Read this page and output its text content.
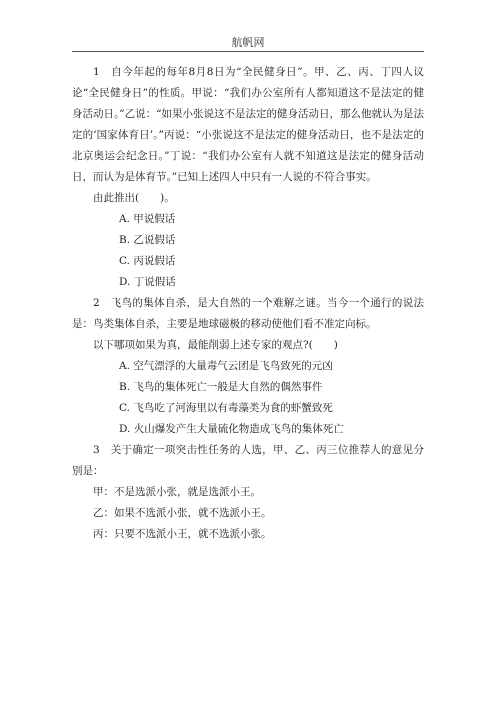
航帆网

1　自今年起的每年8月8日为“全民健身日”。甲、乙、丙、丁四人议论“全民健身日”的性质。甲说：“我们办公室所有人都知道这不是法定的健身活动日。”乙说：“如果小张说这不是法定的健身活动日，那么他就认为是法定的‘国家体育日’。”丙说：“小张说这不是法定的健身活动日，也不是法定的北京奥运会纪念日。”丁说：“我们办公室有人就不知道这是法定的健身活动日，而认为是体育节。”已知上述四人中只有一人说的不符合事实。

由此推出(　　)。

A. 甲说假话

B. 乙说假话

C. 丙说假话

D. 丁说假话

2　飞鸟的集体自杀，是大自然的一个难解之谜。当今一个通行的说法是：鸟类集体自杀，主要是地球磁极的移动使他们看不准定向标。

以下哪项如果为真，最能削弱上述专家的观点?(　　)

A. 空气漂浮的大量毒气云团是飞鸟致死的元凶

B. 飞鸟的集体死亡一般是大自然的偶然事件

C. 飞鸟吃了河海里以有毒藻类为食的虾蟹致死

D. 火山爆发产生大量硫化物造成飞鸟的集体死亡

3　关于确定一项突击性任务的人选，甲、乙、丙三位推荐人的意见分别是：

甲：不是选派小张，就是选派小王。

乙：如果不选派小张，就不选派小王。

丙：只要不选派小王，就不选派小张。
